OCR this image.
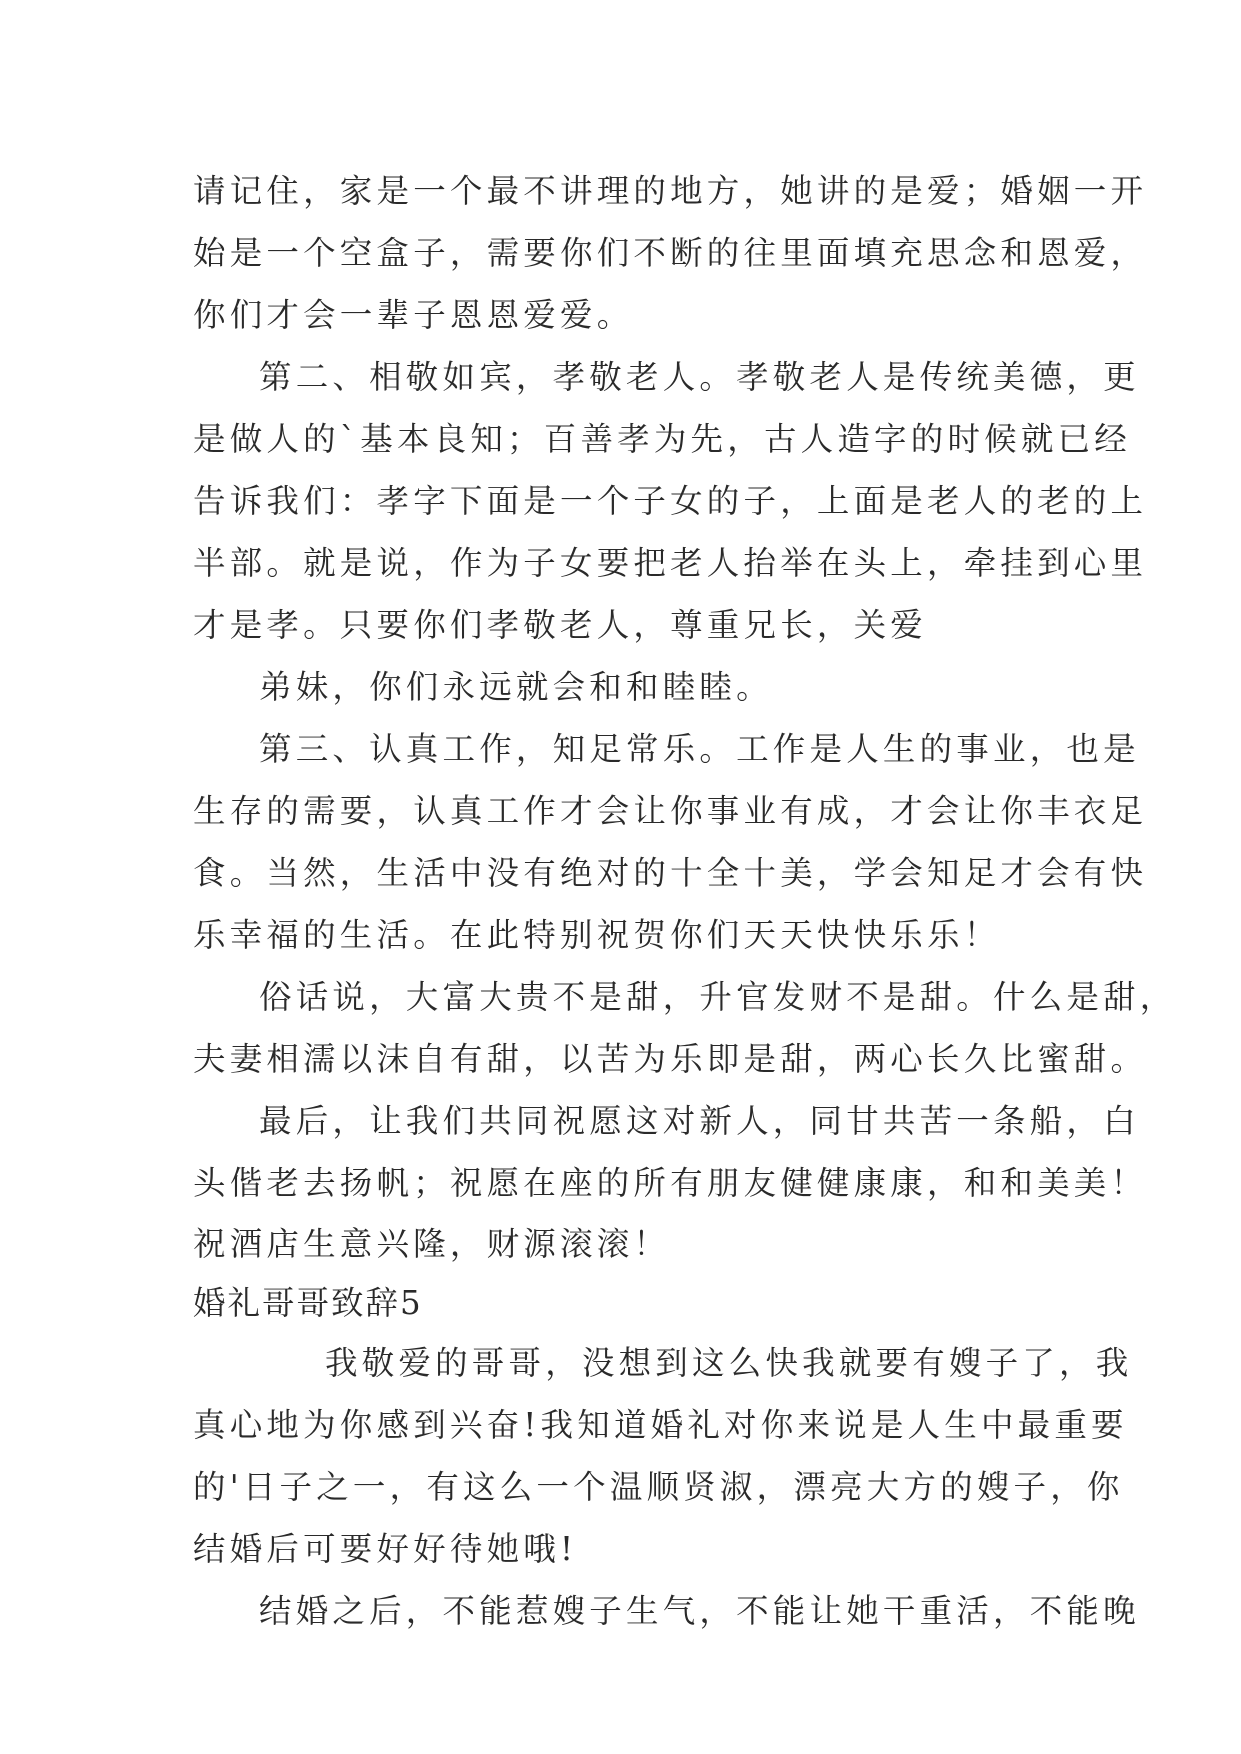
请记住，家是一个最不讲理的地方，她讲的是爱；婚姻一开
始是一个空盒子，需要你们不断的往里面填充思念和恩爱，
你们才会一辈子恩恩爱爱。
第二、相敬如宾，孝敬老人。孝敬老人是传统美德，更
是做人的`基本良知；百善孝为先，古人造字的时候就已经
告诉我们：孝字下面是一个子女的子，上面是老人的老的上
半部。就是说，作为子女要把老人抬举在头上，牵挂到心里
才是孝。只要你们孝敬老人，尊重兄长，关爱
弟妹，你们永远就会和和睦睦。
第三、认真工作，知足常乐。工作是人生的事业，也是
生存的需要，认真工作才会让你事业有成，才会让你丰衣足
食。当然，生活中没有绝对的十全十美，学会知足才会有快
乐幸福的生活。在此特别祝贺你们天天快快乐乐！
俗话说，大富大贵不是甜，升官发财不是甜。什么是甜，
夫妻相濡以沫自有甜，以苦为乐即是甜，两心长久比蜜甜。
最后，让我们共同祝愿这对新人，同甘共苦一条船，白
头偕老去扬帆；祝愿在座的所有朋友健健康康，和和美美！
祝酒店生意兴隆，财源滚滚！
婚礼哥哥致辞5
我敬爱的哥哥，没想到这么快我就要有嫂子了，我
真心地为你感到兴奋!我知道婚礼对你来说是人生中最重要
的'日子之一，有这么一个温顺贤淑，漂亮大方的嫂子，你
结婚后可要好好待她哦!
结婚之后，不能惹嫂子生气，不能让她干重活，不能晚
